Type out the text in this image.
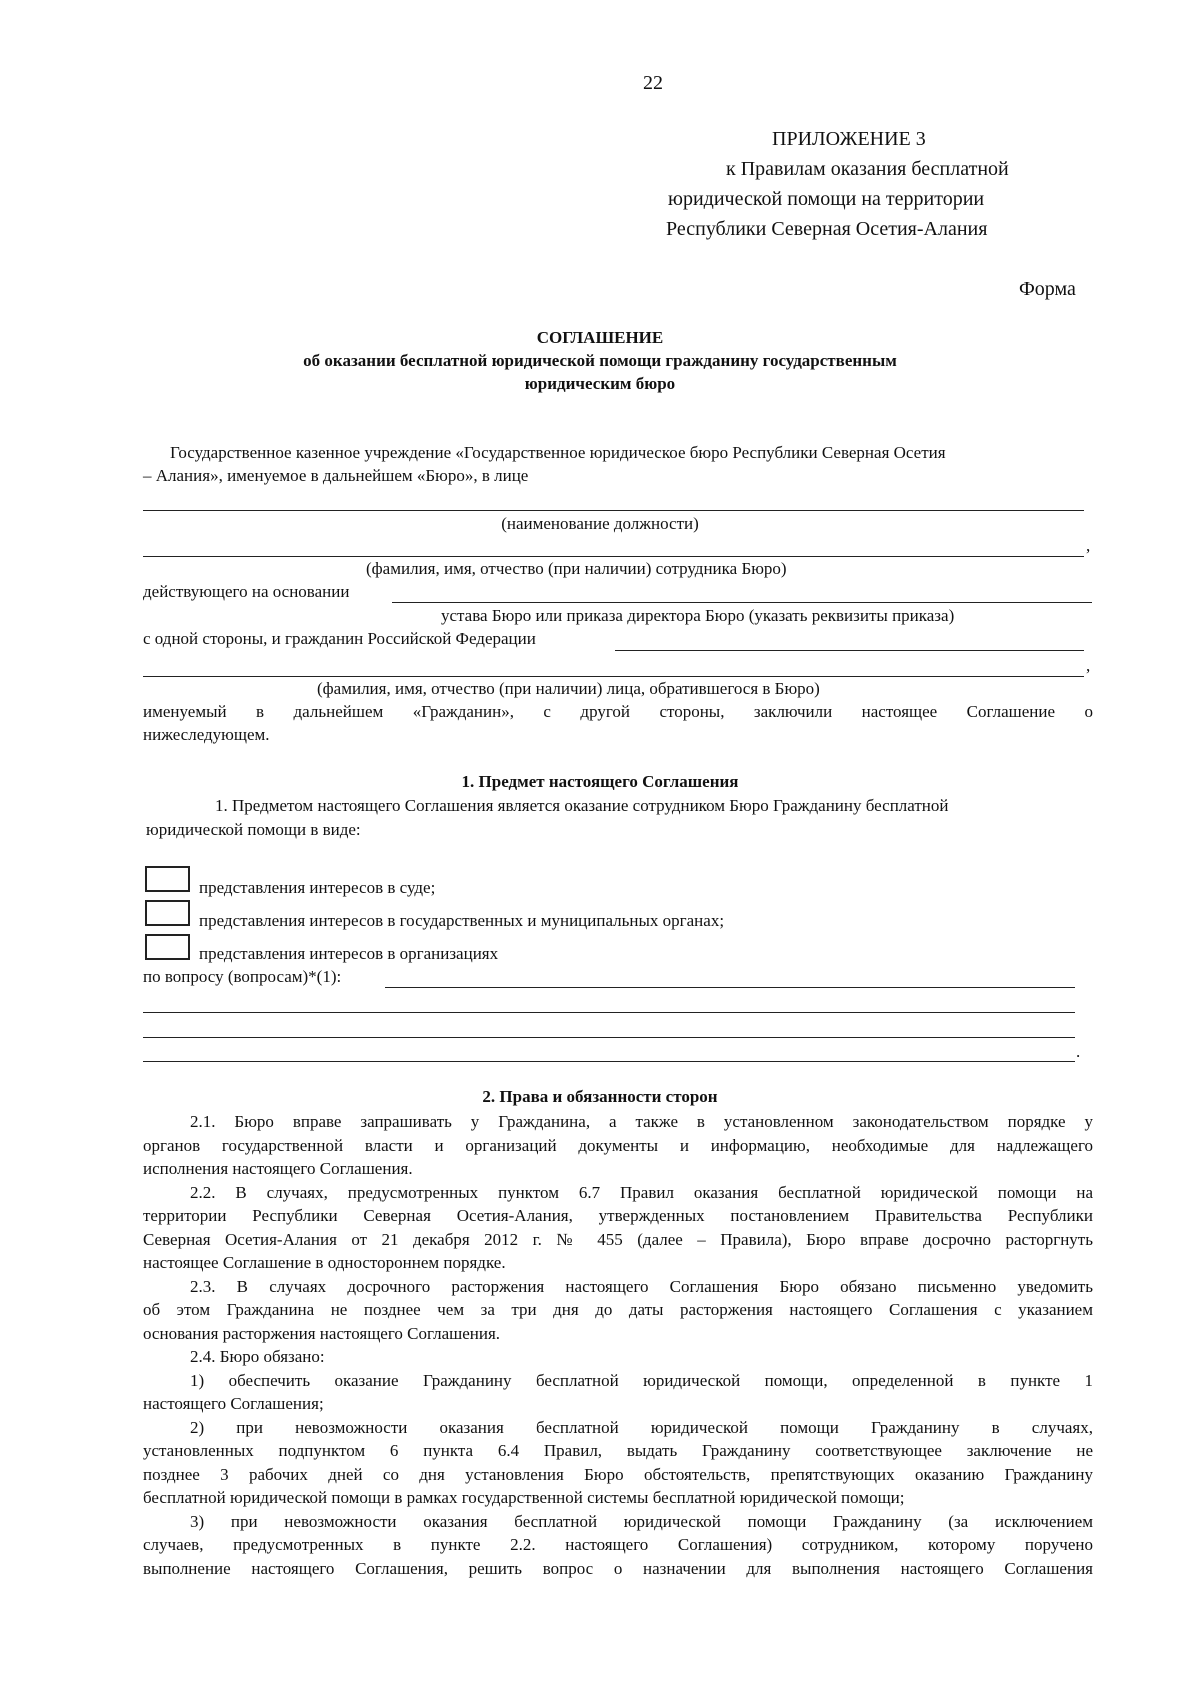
22
ПРИЛОЖЕНИЕ 3
к Правилам оказания бесплатной
юридической помощи на территории
Республики Северная Осетия-Алания
Форма
СОГЛАШЕНИЕ
об оказании бесплатной юридической помощи гражданину государственным
юридическим бюро
Государственное казенное учреждение «Государственное юридическое бюро Республики Северная Осетия
– Алания», именуемое в дальнейшем «Бюро», в лице
(наименование должности)
,
(фамилия, имя, отчество (при наличии) сотрудника Бюро)
действующего на основании
устава Бюро или приказа директора Бюро (указать реквизиты приказа)
с одной стороны, и гражданин Российской Федерации
,
(фамилия, имя, отчество (при наличии) лица, обратившегося в Бюро)
именуемый в дальнейшем «Гражданин», с другой стороны, заключили настоящее Соглашение о
нижеследующем.
1. Предмет настоящего Соглашения
1. Предметом настоящего Соглашения является оказание сотрудником Бюро Гражданину бесплатной
юридической помощи в виде:
представления интересов в суде;
представления интересов в государственных и муниципальных органах;
представления интересов в организациях
по вопросу (вопросам)*(1):
.
2. Права и обязанности сторон
2.1. Бюро вправе запрашивать у Гражданина, а также в установленном законодательством порядке у
органов государственной власти и организаций документы и информацию, необходимые для надлежащего
исполнения настоящего Соглашения.
2.2. В случаях, предусмотренных пунктом 6.7 Правил оказания бесплатной юридической помощи на
территории Республики Северная Осетия-Алания, утвержденных постановлением Правительства Республики
Северная Осетия-Алания от 21 декабря 2012 г. № 455 (далее – Правила), Бюро вправе досрочно расторгнуть
настоящее Соглашение в одностороннем порядке.
2.3. В случаях досрочного расторжения настоящего Соглашения Бюро обязано письменно уведомить
об этом Гражданина не позднее чем за три дня до даты расторжения настоящего Соглашения с указанием
основания расторжения настоящего Соглашения.
2.4. Бюро обязано:
1) обеспечить оказание Гражданину бесплатной юридической помощи, определенной в пункте 1
настоящего Соглашения;
2) при невозможности оказания бесплатной юридической помощи Гражданину в случаях,
установленных подпунктом 6 пункта 6.4 Правил, выдать Гражданину соответствующее заключение не
позднее 3 рабочих дней со дня установления Бюро обстоятельств, препятствующих оказанию Гражданину
бесплатной юридической помощи в рамках государственной системы бесплатной юридической помощи;
3) при невозможности оказания бесплатной юридической помощи Гражданину (за исключением
случаев, предусмотренных в пункте 2.2. настоящего Соглашения) сотрудником, которому поручено
выполнение настоящего Соглашения, решить вопрос о назначении для выполнения настоящего Соглашения
